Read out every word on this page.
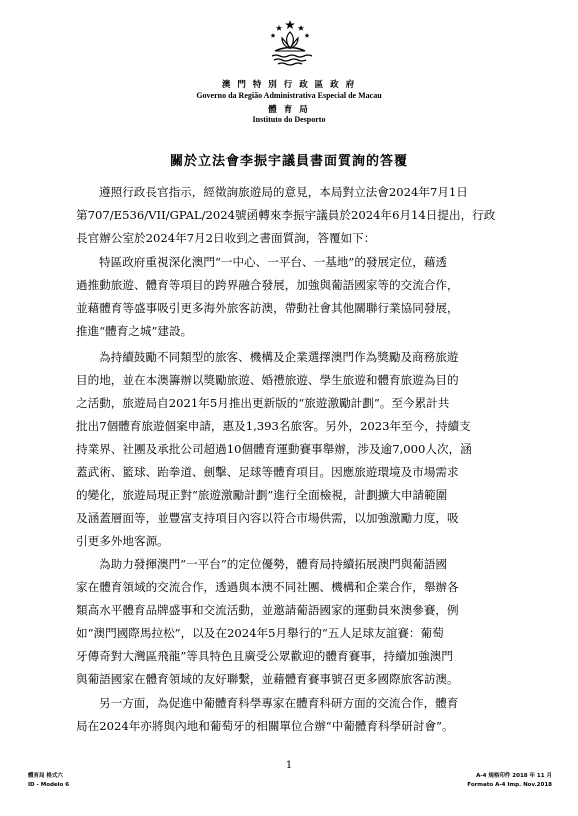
澳 門 特 別 行 政 區 政 府
Governo da Região Administrativa Especial de Macau
體 育 局
Instituto do Desporto
關於立法會李振宇議員書面質詢的答覆
遵照行政長官指示，經徵詢旅遊局的意見，本局對立法會2024年7月1日
第707/E536/VII/GPAL/2024號函轉來李振宇議員於2024年6月14日提出，行政
長官辦公室於2024年7月2日收到之書面質詢，答覆如下：
特區政府重視深化澳門“一中心、一平台、一基地”的發展定位，藉透
過推動旅遊、體育等項目的跨界融合發展，加強與葡語國家等的交流合作，
並藉體育等盛事吸引更多海外旅客訪澳，帶動社會其他關聯行業協同發展，
推進“體育之城”建設。
為持續鼓勵不同類型的旅客、機構及企業選擇澳門作為獎勵及商務旅遊
目的地，並在本澳籌辦以獎勵旅遊、婚禮旅遊、學生旅遊和體育旅遊為目的
之活動，旅遊局自2021年5月推出更新版的“旅遊激勵計劃”。至今累計共
批出7個體育旅遊個案申請，惠及1,393名旅客。另外，2023年至今，持續支
持業界、社團及承批公司超過10個體育運動賽事舉辦，涉及逾7,000人次，涵
蓋武術、籃球、跆拳道、劍擊、足球等體育項目。因應旅遊環境及市場需求
的變化，旅遊局現正對“旅遊激勵計劃”進行全面檢視，計劃擴大申請範圍
及涵蓋層面等，並豐富支持項目內容以符合市場供需，以加強激勵力度，吸
引更多外地客源。
為助力發揮澳門“一平台”的定位優勢，體育局持續拓展澳門與葡語國
家在體育領域的交流合作，透過與本澳不同社團、機構和企業合作，舉辦各
類高水平體育品牌盛事和交流活動，並邀請葡語國家的運動員來澳參賽，例
如“澳門國際馬拉松”，以及在2024年5月舉行的“五人足球友誼賽：葡萄
牙傳奇對大灣區飛龍”等具特色且廣受公眾歡迎的體育賽事，持續加強澳門
與葡語國家在體育領域的友好聯繫，並藉體育賽事號召更多國際旅客訪澳。
另一方面，為促進中葡體育科學專家在體育科研方面的交流合作，體育
局在2024年亦將與內地和葡萄牙的相關單位合辦“中葡體育科學研討會”。
1
體育局 格式六
ID - Modelo 6
A-4 規格印件 2018 年 11 月
Formato A-4 Imp. Nov.2018
